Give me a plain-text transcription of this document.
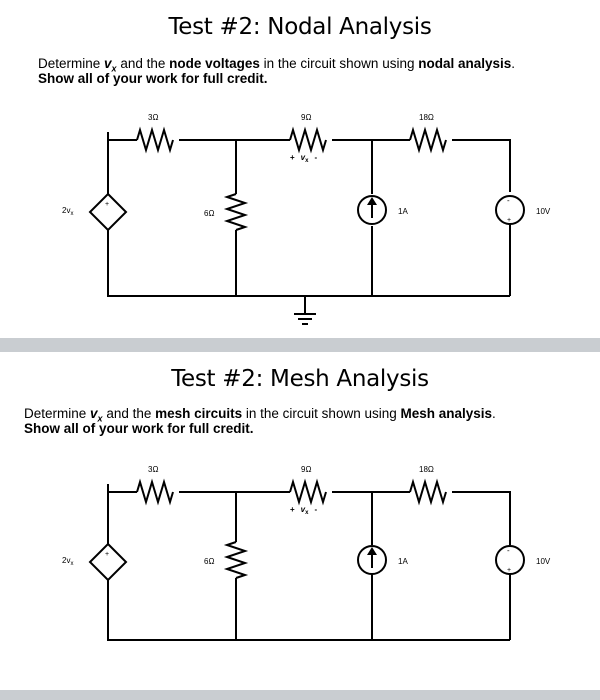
Test #2: Nodal Analysis
Determine $v_x$ and the node voltages in the circuit shown using nodal analysis.
Show all of your work for full credit.
3Ω	9Ω	18Ω
6Ω	1A	10V
+	-
+
$2v_x$
+ $v_x$ -
Test #2: Mesh Analysis
Determine $v_x$ and the mesh circuits in the circuit shown using Mesh analysis.
Show all of your work for full credit.
3Ω	9Ω	18Ω
6Ω	1A	10V
+	-
+
$2v_x$
+ $v_x$ -
